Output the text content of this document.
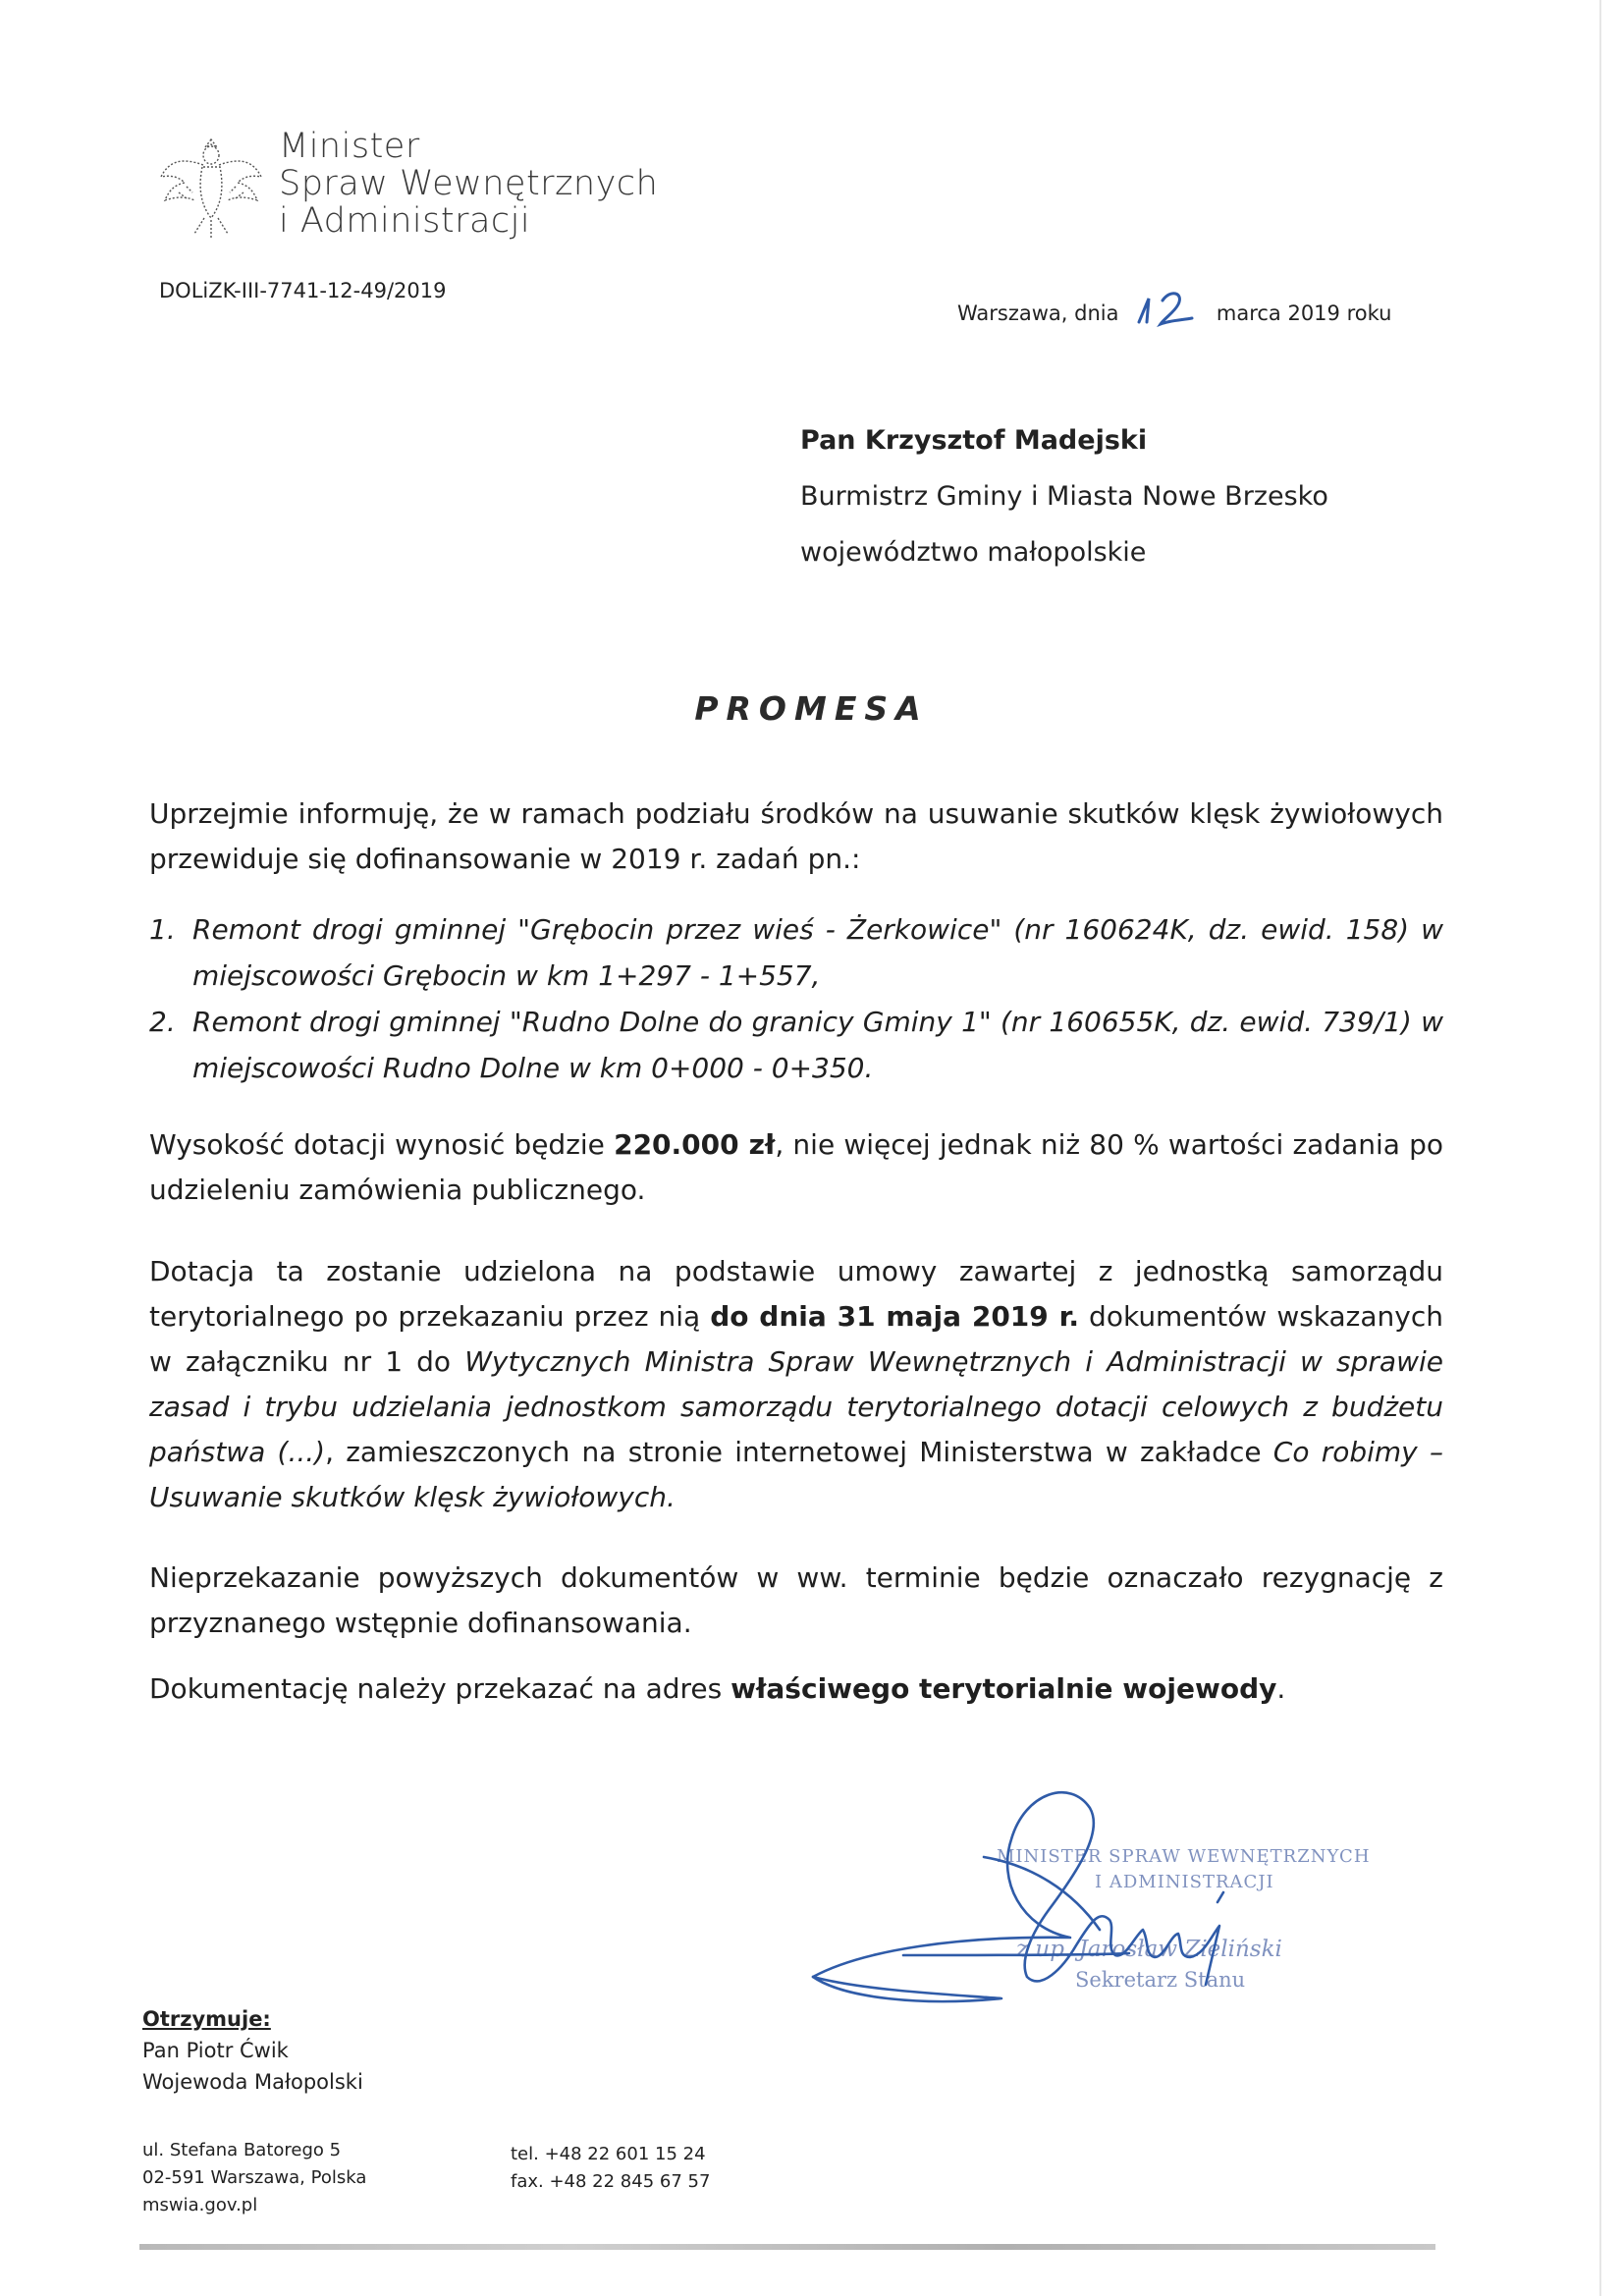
Minister
Spraw Wewnętrznych
i Administracji
DOLiZK-III-7741-12-49/2019
Warszawa, dnia	marca 2019 roku
Pan Krzysztof Madejski
Burmistrz Gminy i Miasta Nowe Brzesko
województwo małopolskie
PROMESA
Uprzejmie informuję, że w ramach podziału środków na usuwanie skutków klęsk żywiołowych przewiduje się dofinansowanie w 2019 r. zadań pn.:
1. Remont drogi gminnej "Grębocin przez wieś - Żerkowice" (nr 160624K, dz. ewid. 158) w miejscowości Grębocin w km 1+297 - 1+557,
2. Remont drogi gminnej "Rudno Dolne do granicy Gminy 1" (nr 160655K, dz. ewid. 739/1) w miejscowości Rudno Dolne w km 0+000 - 0+350.
Wysokość dotacji wynosić będzie 220.000 zł, nie więcej jednak niż 80 % wartości zadania po udzieleniu zamówienia publicznego.
Dotacja ta zostanie udzielona na podstawie umowy zawartej z jednostką samorządu terytorialnego po przekazaniu przez nią do dnia 31 maja 2019 r. dokumentów wskazanych w załączniku nr 1 do Wytycznych Ministra Spraw Wewnętrznych i Administracji w sprawie zasad i trybu udzielania jednostkom samorządu terytorialnego dotacji celowych z budżetu państwa (...), zamieszczonych na stronie internetowej Ministerstwa w zakładce Co robimy – Usuwanie skutków klęsk żywiołowych.
Nieprzekazanie powyższych dokumentów w ww. terminie będzie oznaczało rezygnację z przyznanego wstępnie dofinansowania.
Dokumentację należy przekazać na adres właściwego terytorialnie wojewody.
MINISTER SPRAW WEWNĘTRZNYCH
I ADMINISTRACJI
z up. Jarosław Zieliński
Sekretarz Stanu
Otrzymuje:
Pan Piotr Ćwik
Wojewoda Małopolski
ul. Stefana Batorego 5
02-591 Warszawa, Polska
mswia.gov.pl
tel. +48 22 601 15 24
fax. +48 22 845 67 57
